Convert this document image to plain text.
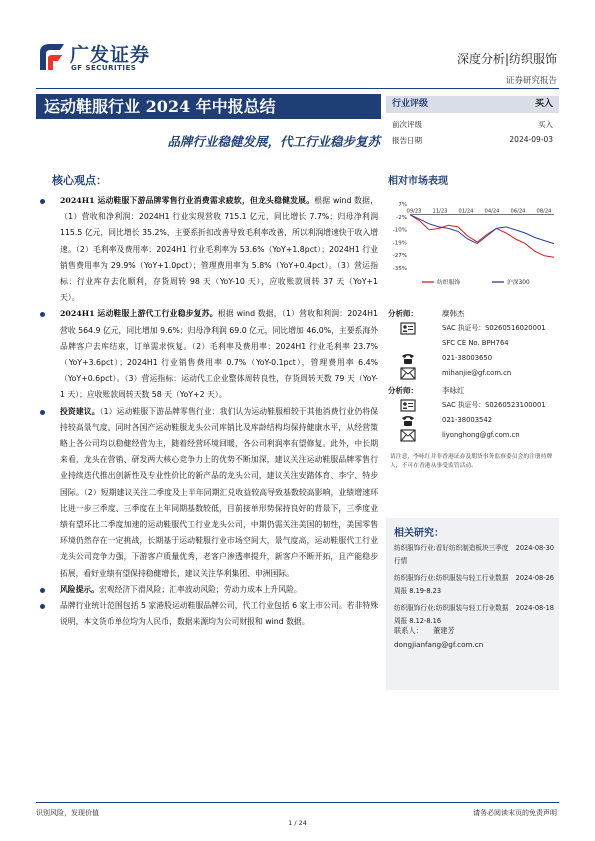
广发证券
GF SECURITIES
深度分析|纺织服饰
证券研究报告
运动鞋服行业 2024 年中报总结
品牌行业稳健发展，代工行业稳步复苏
行业评级	买入
前次评级	买入
报告日期	2024-09-03
核心观点：
2024H1 运动鞋服下游品牌零售行业消费需求疲软，但龙头稳健发展。根据 wind 数据，（1）营收和净利润：2024H1 行业实现营收 715.1 亿元，同比增长 7.7%；归母净利润 115.5 亿元，同比增长 35.2%，主要系折扣改善导致毛利率改善，所以利润增速快于收入增速。（2）毛利率及费用率：2024H1 行业毛利率为 53.6%（YoY+1.8pct）；2024H1 行业销售费用率为 29.9%（YoY+1.0pct）；管理费用率为 5.8%（YoY+0.4pct）。（3）营运指标：行业库存去化顺利，存货周转 98 天（YoY-10 天），应收账款周转 37 天（YoY+1 天）。
2024H1 运动鞋服上游代工行业稳步复苏。根据 wind 数据，（1）营收和利润：2024H1 营收 564.9 亿元，同比增加 9.6%；归母净利润 69.0 亿元，同比增加 46.0%，主要系海外品牌客户去库结束，订单需求恢复。（2）毛利率及费用率：2024H1 行业毛利率 23.7%（YoY+3.6pct）；2024H1 行业销售费用率 0.7%（YoY-0.1pct），管理费用率 6.4%（YoY+0.6pct）。（3）营运指标：运动代工企业整体周转良性，存货周转天数 79 天（YoY-1 天）；应收账款周转天数 58 天（YoY+2 天）。
投资建议。（1）运动鞋服下游品牌零售行业：我们认为运动鞋服相较于其他消费行业仍将保持较高景气度，同时各国产运动鞋服龙头公司库销比及库龄结构均保持健康水平，从经营策略上各公司均以稳健经营为主，随着经营环境回暖，各公司利润率有望修复。此外，中长期来看，龙头在营销、研发两大核心竞争力上的优势不断加深，建议关注运动鞋服品牌零售行业持续迭代推出创新性及专业性价比的新产品的龙头公司，建议关注安踏体育、李宁、特步国际。（2）短期建议关注二季度及上半年同期汇兑收益较高导致基数较高影响，业绩增速环比进一步三季度、三季度在上年同期基数较低，目前接单形势保持良好的背景下，三季度业绩有望环比二季度加速的运动鞋服代工行业龙头公司，中期仍需关注美国的韧性，美国零售环境仍然存在一定挑战，长期基于运动鞋服行业市场空间大，景气度高，运动鞋服代工行业龙头公司竞争力强，下游客户质量优秀，老客户渗透率提升，新客户不断开拓，且产能稳步拓展，看好业绩有望保持稳健增长，建议关注华利集团、申洲国际。
风险提示。宏观经济下滑风险；汇率波动风险；劳动力成本上升风险。
品牌行业统计范围包括 5 家港股运动鞋服品牌公司，代工行业包括 6 家上市公司。若非特殊说明，本文货币单位均为人民币，数据来源均为公司财报和 wind 数据。
相对市场表现
7%
-2%
-10%
-19%
-27%
-35%
09/23 11/23 01/24 04/24 06/24 08/24
纺织服饰	沪深300
分析师：	糜韩杰
SAC 执证号：S0260516020001
SFC CE No. BPH764
021-38003650
mihanjie@gf.com.cn
分析师：	李咏红
SAC 执证号：S0260523100001
021-38003542
liyonghong@gf.com.cn
请注意，李咏红并非香港证券及期货事务监察委员会的注册持牌人，不可在香港从事受监管活动。
相关研究：
纺织服饰行业:看好纺织制造板块三季度行情
2024-08-30
纺织服饰行业:纺织服装与轻工行业数据周报 8.19-8.23
2024-08-26
纺织服饰行业:纺织服装与轻工行业数据周报 8.12-8.16
2024-08-18
联系人： 董建芳
dongjianfang@gf.com.cn
识别风险，发现价值	请务必阅读末页的免责声明
1 / 24
